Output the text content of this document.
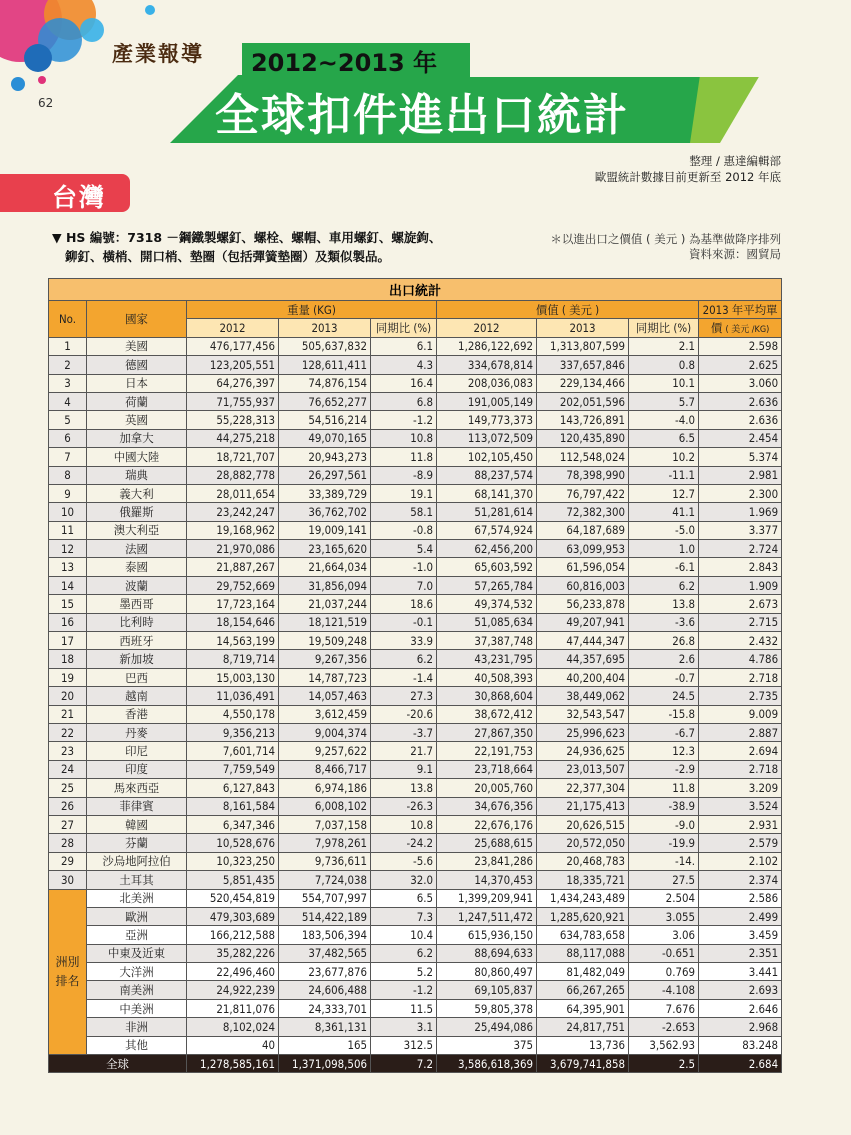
產業報導
62
2012~2013 年
全球扣件進出口統計
整理 / 惠達編輯部
歐盟統計數據目前更新至 2012 年底
台灣
▼ HS 編號：7318 －鋼鐵製螺釘、螺栓、螺帽、車用螺釘、螺旋鉤、
鉚釘、橫梢、開口梢、墊圈（包括彈簧墊圈）及類似製品。
＊以進出口之價值 ( 美元 ) 為基準做降序排列
資料來源：國貿局
出口統計								
No.	國家	重量 (KG)			價值 ( 美元 )			2013 年平均單
		2012	2013	同期比 (%)	2012	2013	同期比 (%)	價 ( 美元 /KG)
1	美國	476,177,456	505,637,832	6.1	1,286,122,692	1,313,807,599	2.1	2.598
2	德國	123,205,551	128,611,411	4.3	334,678,814	337,657,846	0.8	2.625
3	日本	64,276,397	74,876,154	16.4	208,036,083	229,134,466	10.1	3.060
4	荷蘭	71,755,937	76,652,277	6.8	191,005,149	202,051,596	5.7	2.636
5	英國	55,228,313	54,516,214	-1.2	149,773,373	143,726,891	-4.0	2.636
6	加拿大	44,275,218	49,070,165	10.8	113,072,509	120,435,890	6.5	2.454
7	中國大陸	18,721,707	20,943,273	11.8	102,105,450	112,548,024	10.2	5.374
8	瑞典	28,882,778	26,297,561	-8.9	88,237,574	78,398,990	-11.1	2.981
9	義大利	28,011,654	33,389,729	19.1	68,141,370	76,797,422	12.7	2.300
10	俄羅斯	23,242,247	36,762,702	58.1	51,281,614	72,382,300	41.1	1.969
11	澳大利亞	19,168,962	19,009,141	-0.8	67,574,924	64,187,689	-5.0	3.377
12	法國	21,970,086	23,165,620	5.4	62,456,200	63,099,953	1.0	2.724
13	泰國	21,887,267	21,664,034	-1.0	65,603,592	61,596,054	-6.1	2.843
14	波蘭	29,752,669	31,856,094	7.0	57,265,784	60,816,003	6.2	1.909
15	墨西哥	17,723,164	21,037,244	18.6	49,374,532	56,233,878	13.8	2.673
16	比利時	18,154,646	18,121,519	-0.1	51,085,634	49,207,941	-3.6	2.715
17	西班牙	14,563,199	19,509,248	33.9	37,387,748	47,444,347	26.8	2.432
18	新加坡	8,719,714	9,267,356	6.2	43,231,795	44,357,695	2.6	4.786
19	巴西	15,003,130	14,787,723	-1.4	40,508,393	40,200,404	-0.7	2.718
20	越南	11,036,491	14,057,463	27.3	30,868,604	38,449,062	24.5	2.735
21	香港	4,550,178	3,612,459	-20.6	38,672,412	32,543,547	-15.8	9.009
22	丹麥	9,356,213	9,004,374	-3.7	27,867,350	25,996,623	-6.7	2.887
23	印尼	7,601,714	9,257,622	21.7	22,191,753	24,936,625	12.3	2.694
24	印度	7,759,549	8,466,717	9.1	23,718,664	23,013,507	-2.9	2.718
25	馬來西亞	6,127,843	6,974,186	13.8	20,005,760	22,377,304	11.8	3.209
26	菲律賓	8,161,584	6,008,102	-26.3	34,676,356	21,175,413	-38.9	3.524
27	韓國	6,347,346	7,037,158	10.8	22,676,176	20,626,515	-9.0	2.931
28	芬蘭	10,528,676	7,978,261	-24.2	25,688,615	20,572,050	-19.9	2.579
29	沙烏地阿拉伯	10,323,250	9,736,611	-5.6	23,841,286	20,468,783	-14.	2.102
30	土耳其	5,851,435	7,724,038	32.0	14,370,453	18,335,721	27.5	2.374
洲別排名	北美洲	520,454,819	554,707,997	6.5	1,399,209,941	1,434,243,489	2.504	2.586
	歐洲	479,303,689	514,422,189	7.3	1,247,511,472	1,285,620,921	3.055	2.499
	亞洲	166,212,588	183,506,394	10.4	615,936,150	634,783,658	3.06	3.459
	中東及近東	35,282,226	37,482,565	6.2	88,694,633	88,117,088	-0.651	2.351
	大洋洲	22,496,460	23,677,876	5.2	80,860,497	81,482,049	0.769	3.441
	南美洲	24,922,239	24,606,488	-1.2	69,105,837	66,267,265	-4.108	2.693
	中美洲	21,811,076	24,333,701	11.5	59,805,378	64,395,901	7.676	2.646
	非洲	8,102,024	8,361,131	3.1	25,494,086	24,817,751	-2.653	2.968
	其他	40	165	312.5	375	13,736	3,562.93	83.248
全球		1,278,585,161	1,371,098,506	7.2	3,586,618,369	3,679,741,858	2.5	2.684
